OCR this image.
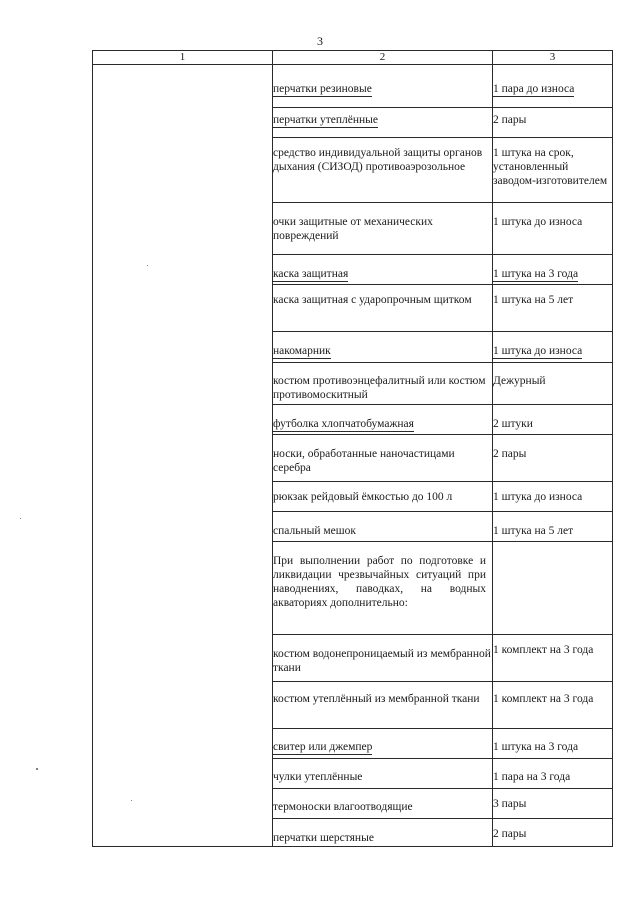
3
1	2	3
	перчатки резиновые	1 пара до износа
	перчатки утеплённые	2 пары
	средство индивидуальной защиты органов дыхания (СИЗОД) противоаэрозольное	1 штука на срок, установленный заводом-изготовителем
	очки защитные от механических повреждений	1 штука до износа
	каска защитная	1 штука на 3 года
	каска защитная с ударопрочным щитком	1 штука на 5 лет
	накомарник	1 штука до износа
	костюм противоэнцефалитный или костюм противомоскитный	Дежурный
	футболка хлопчатобумажная	2 штуки
	носки, обработанные наночастицами серебра	2 пары
	рюкзак рейдовый ёмкостью до 100 л	1 штука до износа
	спальный мешок	1 штука на 5 лет
	При выполнении работ по подготовке и ликвидации чрезвычайных ситуаций при наводнениях, паводках, на водных акваториях дополнительно:	
	костюм водонепроницаемый из мембранной ткани	1 комплект на 3 года
	костюм утеплённый из мембранной ткани	1 комплект на 3 года
	свитер или джемпер	1 штука на 3 года
	чулки утеплённые	1 пара на 3 года
	термоноски влагоотводящие	3 пары
	перчатки шерстяные	2 пары
